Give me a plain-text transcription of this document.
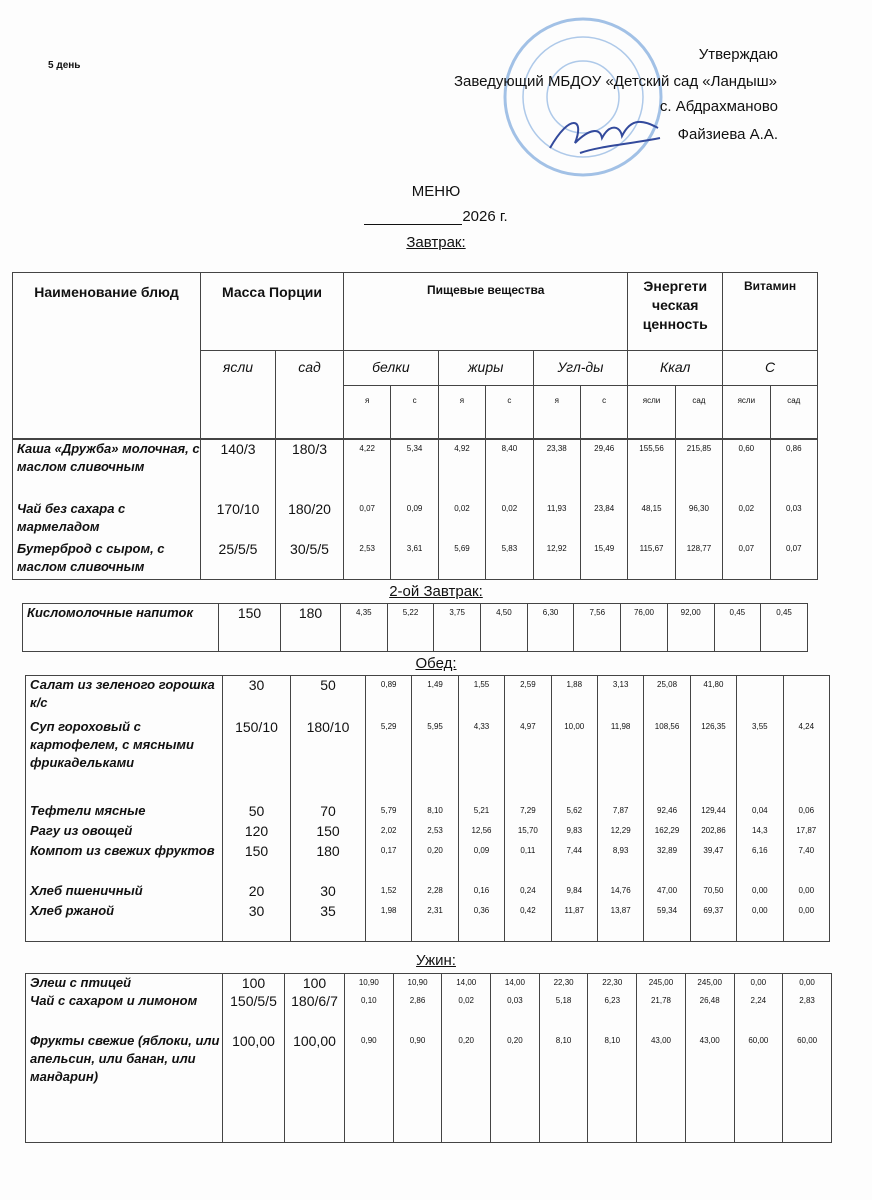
5 день
Утверждаю
Заведующий МБДОУ «Детский сад «Ландыш»
с. Абдрахманово
Файзиева А.А.
МЕНЮ
2026 г.
Завтрак:
Наименование блюд	Масса Порции		Пищевые вещества						Энергети ческая ценность		Витамин	
	ясли	сад	белки		жиры		Угл-ды		Ккал		С	
			я	с	я	с	я	с	ясли	сад	ясли	сад
Каша «Дружба» молочная, с маслом сливочным	140/3	180/3	4,22	5,34	4,92	8,40	23,38	29,46	155,56	215,85	0,60	0,86
Чай без сахара с мармеладом	170/10	180/20	0,07	0,09	0,02	0,02	11,93	23,84	48,15	96,30	0,02	0,03
Бутерброд с сыром, с маслом сливочным	25/5/5	30/5/5	2,53	3,61	5,69	5,83	12,92	15,49	115,67	128,77	0,07	0,07
2-ой Завтрак:
Кисломолочные напиток	150	180	4,35	5,22	3,75	4,50	6,30	7,56	76,00	92,00	0,45	0,45
Обед:
Салат из зеленого горошка к/с	30	50	0,89	1,49	1,55	2,59	1,88	3,13	25,08	41,80		
Суп гороховый с картофелем, с мясными фрикадельками	150/10	180/10	5,29	5,95	4,33	4,97	10,00	11,98	108,56	126,35	3,55	4,24
Тефтели мясные	50	70	5,79	8,10	5,21	7,29	5,62	7,87	92,46	129,44	0,04	0,06
Рагу из овощей	120	150	2,02	2,53	12,56	15,70	9,83	12,29	162,29	202,86	14,3	17,87
Компот из свежих фруктов	150	180	0,17	0,20	0,09	0,11	7,44	8,93	32,89	39,47	6,16	7,40
Хлеб пшеничный	20	30	1,52	2,28	0,16	0,24	9,84	14,76	47,00	70,50	0,00	0,00
Хлеб ржаной	30	35	1,98	2,31	0,36	0,42	11,87	13,87	59,34	69,37	0,00	0,00
Ужин:
Элеш с птицей	100	100	10,90	10,90	14,00	14,00	22,30	22,30	245,00	245,00	0,00	0,00
Чай с сахаром и лимоном	150/5/5	180/6/7	0,10	2,86	0,02	0,03	5,18	6,23	21,78	26,48	2,24	2,83
Фрукты свежие (яблоки, или апельсин, или банан, или мандарин)	100,00	100,00	0,90	0,90	0,20	0,20	8,10	8,10	43,00	43,00	60,00	60,00
